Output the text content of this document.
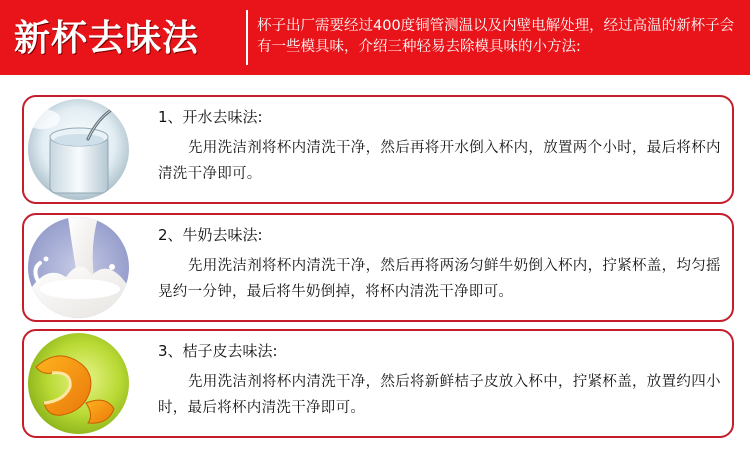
新杯去味法	杯子出厂需要经过400度铜管测温以及内壁电解处理，经过高温的新杯子会有一些模具味，介绍三种轻易去除模具味的小方法:
1、开水去味法:
先用洗洁剂将杯内清洗干净，然后再将开水倒入杯内，放置两个小时，最后将杯内清洗干净即可。
2、牛奶去味法:
先用洗洁剂将杯内清洗干净，然后再将两汤匀鲜牛奶倒入杯内，拧紧杯盖，均匀摇晃约一分钟，最后将牛奶倒掉，将杯内清洗干净即可。
3、桔子皮去味法:
先用洗洁剂将杯内清洗干净，然后将新鲜桔子皮放入杯中，拧紧杯盖，放置约四小时，最后将杯内清洗干净即可。
